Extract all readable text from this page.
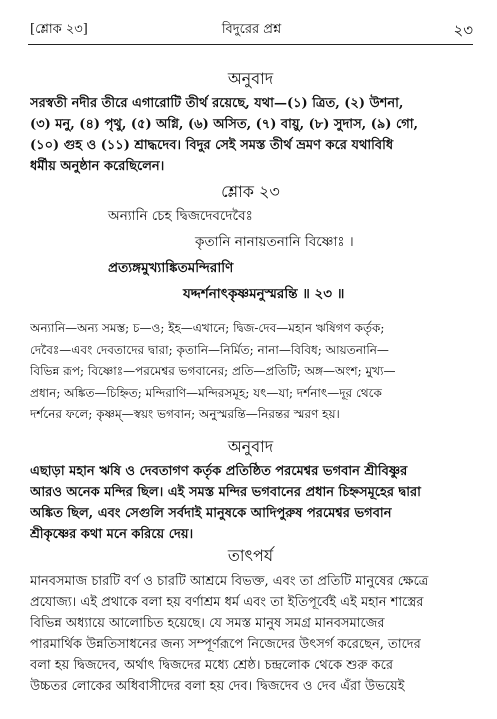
[শ্লোক ২৩]	বিদুরের প্রশ্ন	২৩
অনুবাদ
সরস্বতী নদীর তীরে এগারোটি তীর্থ রয়েছে, যথা—(১) ত্রিত, (২) উশনা,
(৩) মনু, (৪) পৃথু, (৫) অগ্নি, (৬) অসিত, (৭) বায়ু, (৮) সুদাস, (৯) গো,
(১০) গুহ ও (১১) শ্রাদ্ধদেব। বিদুর সেই সমস্ত তীর্থ ভ্রমণ করে যথাবিধি
ধর্মীয় অনুষ্ঠান করেছিলেন।
শ্লোক ২৩
অন্যানি চেহ দ্বিজদেবদেবৈঃ
কৃতানি নানায়তনানি বিষ্ণোঃ ।
প্রত্যঙ্গমুখ্যাঙ্কিতমন্দিরাণি
যদ্দর্শনাৎকৃষ্ণমনুস্মরন্তি ॥ ২৩ ॥
অন্যানি—অন্য সমস্ত; চ—ও; ইহ—এখানে; দ্বিজ-দেব—মহান ঋষিগণ কর্তৃক;
দেবৈঃ—এবং দেবতাদের দ্বারা; কৃতানি—নির্মিত; নানা—বিবিধ; আয়তনানি—
বিভিন্ন রূপ; বিষ্ণোঃ—পরমেশ্বর ভগবানের; প্রতি—প্রতিটি; অঙ্গ—অংশ; মুখ্য—
প্রধান; অঙ্কিত—চিহ্নিত; মন্দিরাণি—মন্দিরসমূহ; যৎ—যা; দর্শনাৎ—দূর থেকে
দর্শনের ফলে; কৃষ্ণম্—স্বয়ং ভগবান; অনুস্মরন্তি—নিরন্তর স্মরণ হয়।
অনুবাদ
এছাড়া মহান ঋষি ও দেবতাগণ কর্তৃক প্রতিষ্ঠিত পরমেশ্বর ভগবান শ্রীবিষ্ণুর
আরও অনেক মন্দির ছিল। এই সমস্ত মন্দির ভগবানের প্রধান চিহ্নসমূহের দ্বারা
অঙ্কিত ছিল, এবং সেগুলি সর্বদাই মানুষকে আদিপুরুষ পরমেশ্বর ভগবান
শ্রীকৃষ্ণের কথা মনে করিয়ে দেয়।
তাৎপর্য
মানবসমাজ চারটি বর্ণ ও চারটি আশ্রমে বিভক্ত, এবং তা প্রতিটি মানুষের ক্ষেত্রে
প্রযোজ্য। এই প্রথাকে বলা হয় বর্ণাশ্রম ধর্ম এবং তা ইতিপূর্বেই এই মহান শাস্ত্রের
বিভিন্ন অধ্যায়ে আলোচিত হয়েছে। যে সমস্ত মানুষ সমগ্র মানবসমাজের
পারমার্থিক উন্নতিসাধনের জন্য সম্পূর্ণরূপে নিজেদের উৎসর্গ করেছেন, তাদের
বলা হয় দ্বিজদেব, অর্থাৎ দ্বিজদের মধ্যে শ্রেষ্ঠ। চন্দ্রলোক থেকে শুরু করে
উচ্চতর লোকের অধিবাসীদের বলা হয় দেব। দ্বিজদেব ও দেব এঁরা উভয়েই
